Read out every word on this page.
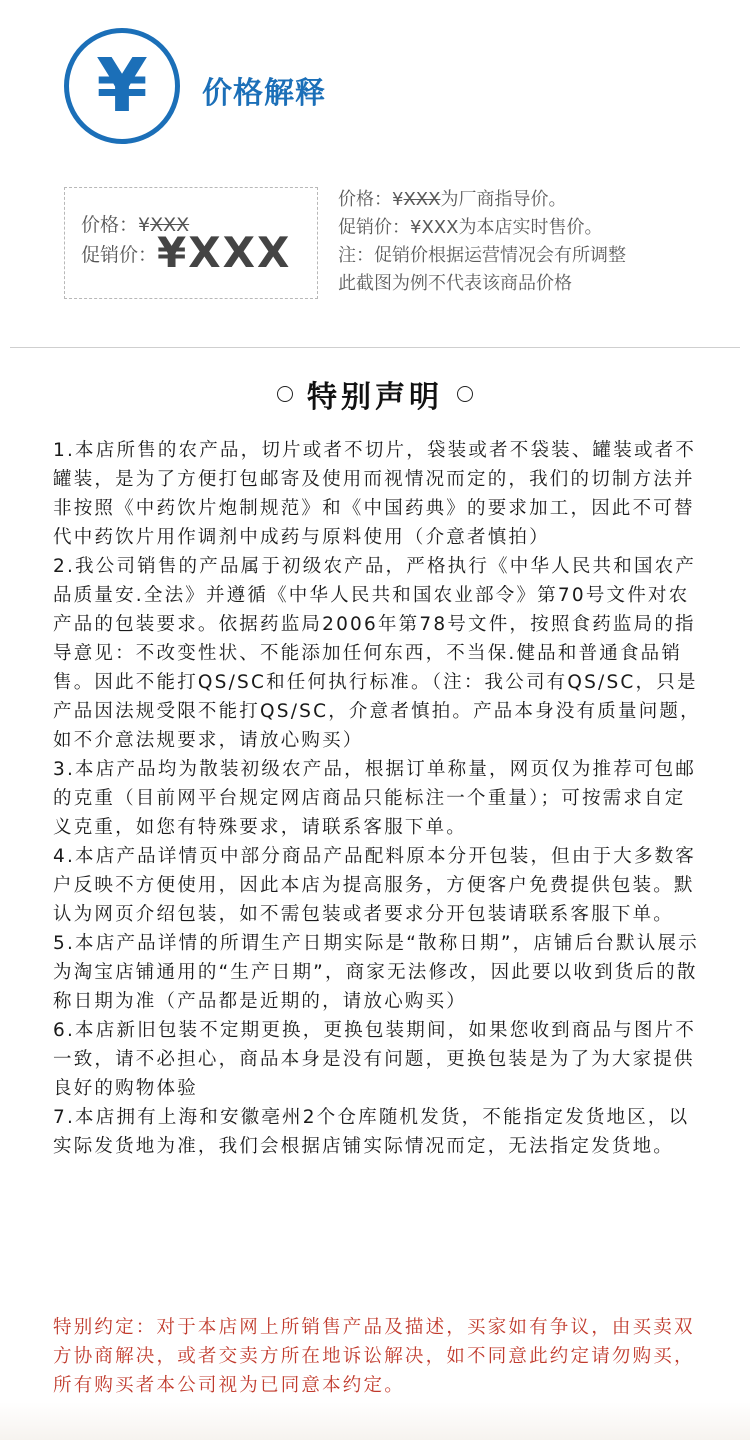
¥ 价格解释
价格：¥XXX
促销价：¥XXX
价格：¥XXX为厂商指导价。
促销价：¥XXX为本店实时售价。
注：促销价根据运营情况会有所调整
此截图为例不代表该商品价格
特别声明

1.本店所售的农产品，切片或者不切片，袋装或者不袋装、罐装或者不罐装，是为了方便打包邮寄及使用而视情况而定的，我们的切制方法并非按照《中药饮片炮制规范》和《中国药典》的要求加工，因此不可替代中药饮片用作调剂中成药与原料使用（介意者慎拍）

2.我公司销售的产品属于初级农产品，严格执行《中华人民共和国农产品质量安.全法》并遵循《中华人民共和国农业部令》第70号文件对农产品的包装要求。依据药监局2006年第78号文件，按照食药监局的指导意见：不改变性状、不能添加任何东西，不当保.健品和普通食品销售。因此不能打QS/SC和任何执行标准。（注：我公司有QS/SC，只是产品因法规受限不能打QS/SC，介意者慎拍。产品本身没有质量问题，如不介意法规要求，请放心购买）

3.本店产品均为散装初级农产品，根据订单称量，网页仅为推荐可包邮的克重（目前网平台规定网店商品只能标注一个重量）；可按需求自定义克重，如您有特殊要求，请联系客服下单。

4.本店产品详情页中部分商品产品配料原本分开包装，但由于大多数客户反映不方便使用，因此本店为提高服务，方便客户免费提供包装。默认为网页介绍包装，如不需包装或者要求分开包装请联系客服下单。

5.本店产品详情的所谓生产日期实际是“散称日期”，店铺后台默认展示为淘宝店铺通用的“生产日期”，商家无法修改，因此要以收到货后的散称日期为准（产品都是近期的，请放心购买）

6.本店新旧包装不定期更换，更换包装期间，如果您收到商品与图片不一致，请不必担心，商品本身是没有问题，更换包装是为了为大家提供良好的购物体验

7.本店拥有上海和安徽亳州2个仓库随机发货，不能指定发货地区，以实际发货地为准，我们会根据店铺实际情况而定，无法指定发货地。

特别约定：对于本店网上所销售产品及描述，买家如有争议，由买卖双方协商解决，或者交卖方所在地诉讼解决，如不同意此约定请勿购买，所有购买者本公司视为已同意本约定。
